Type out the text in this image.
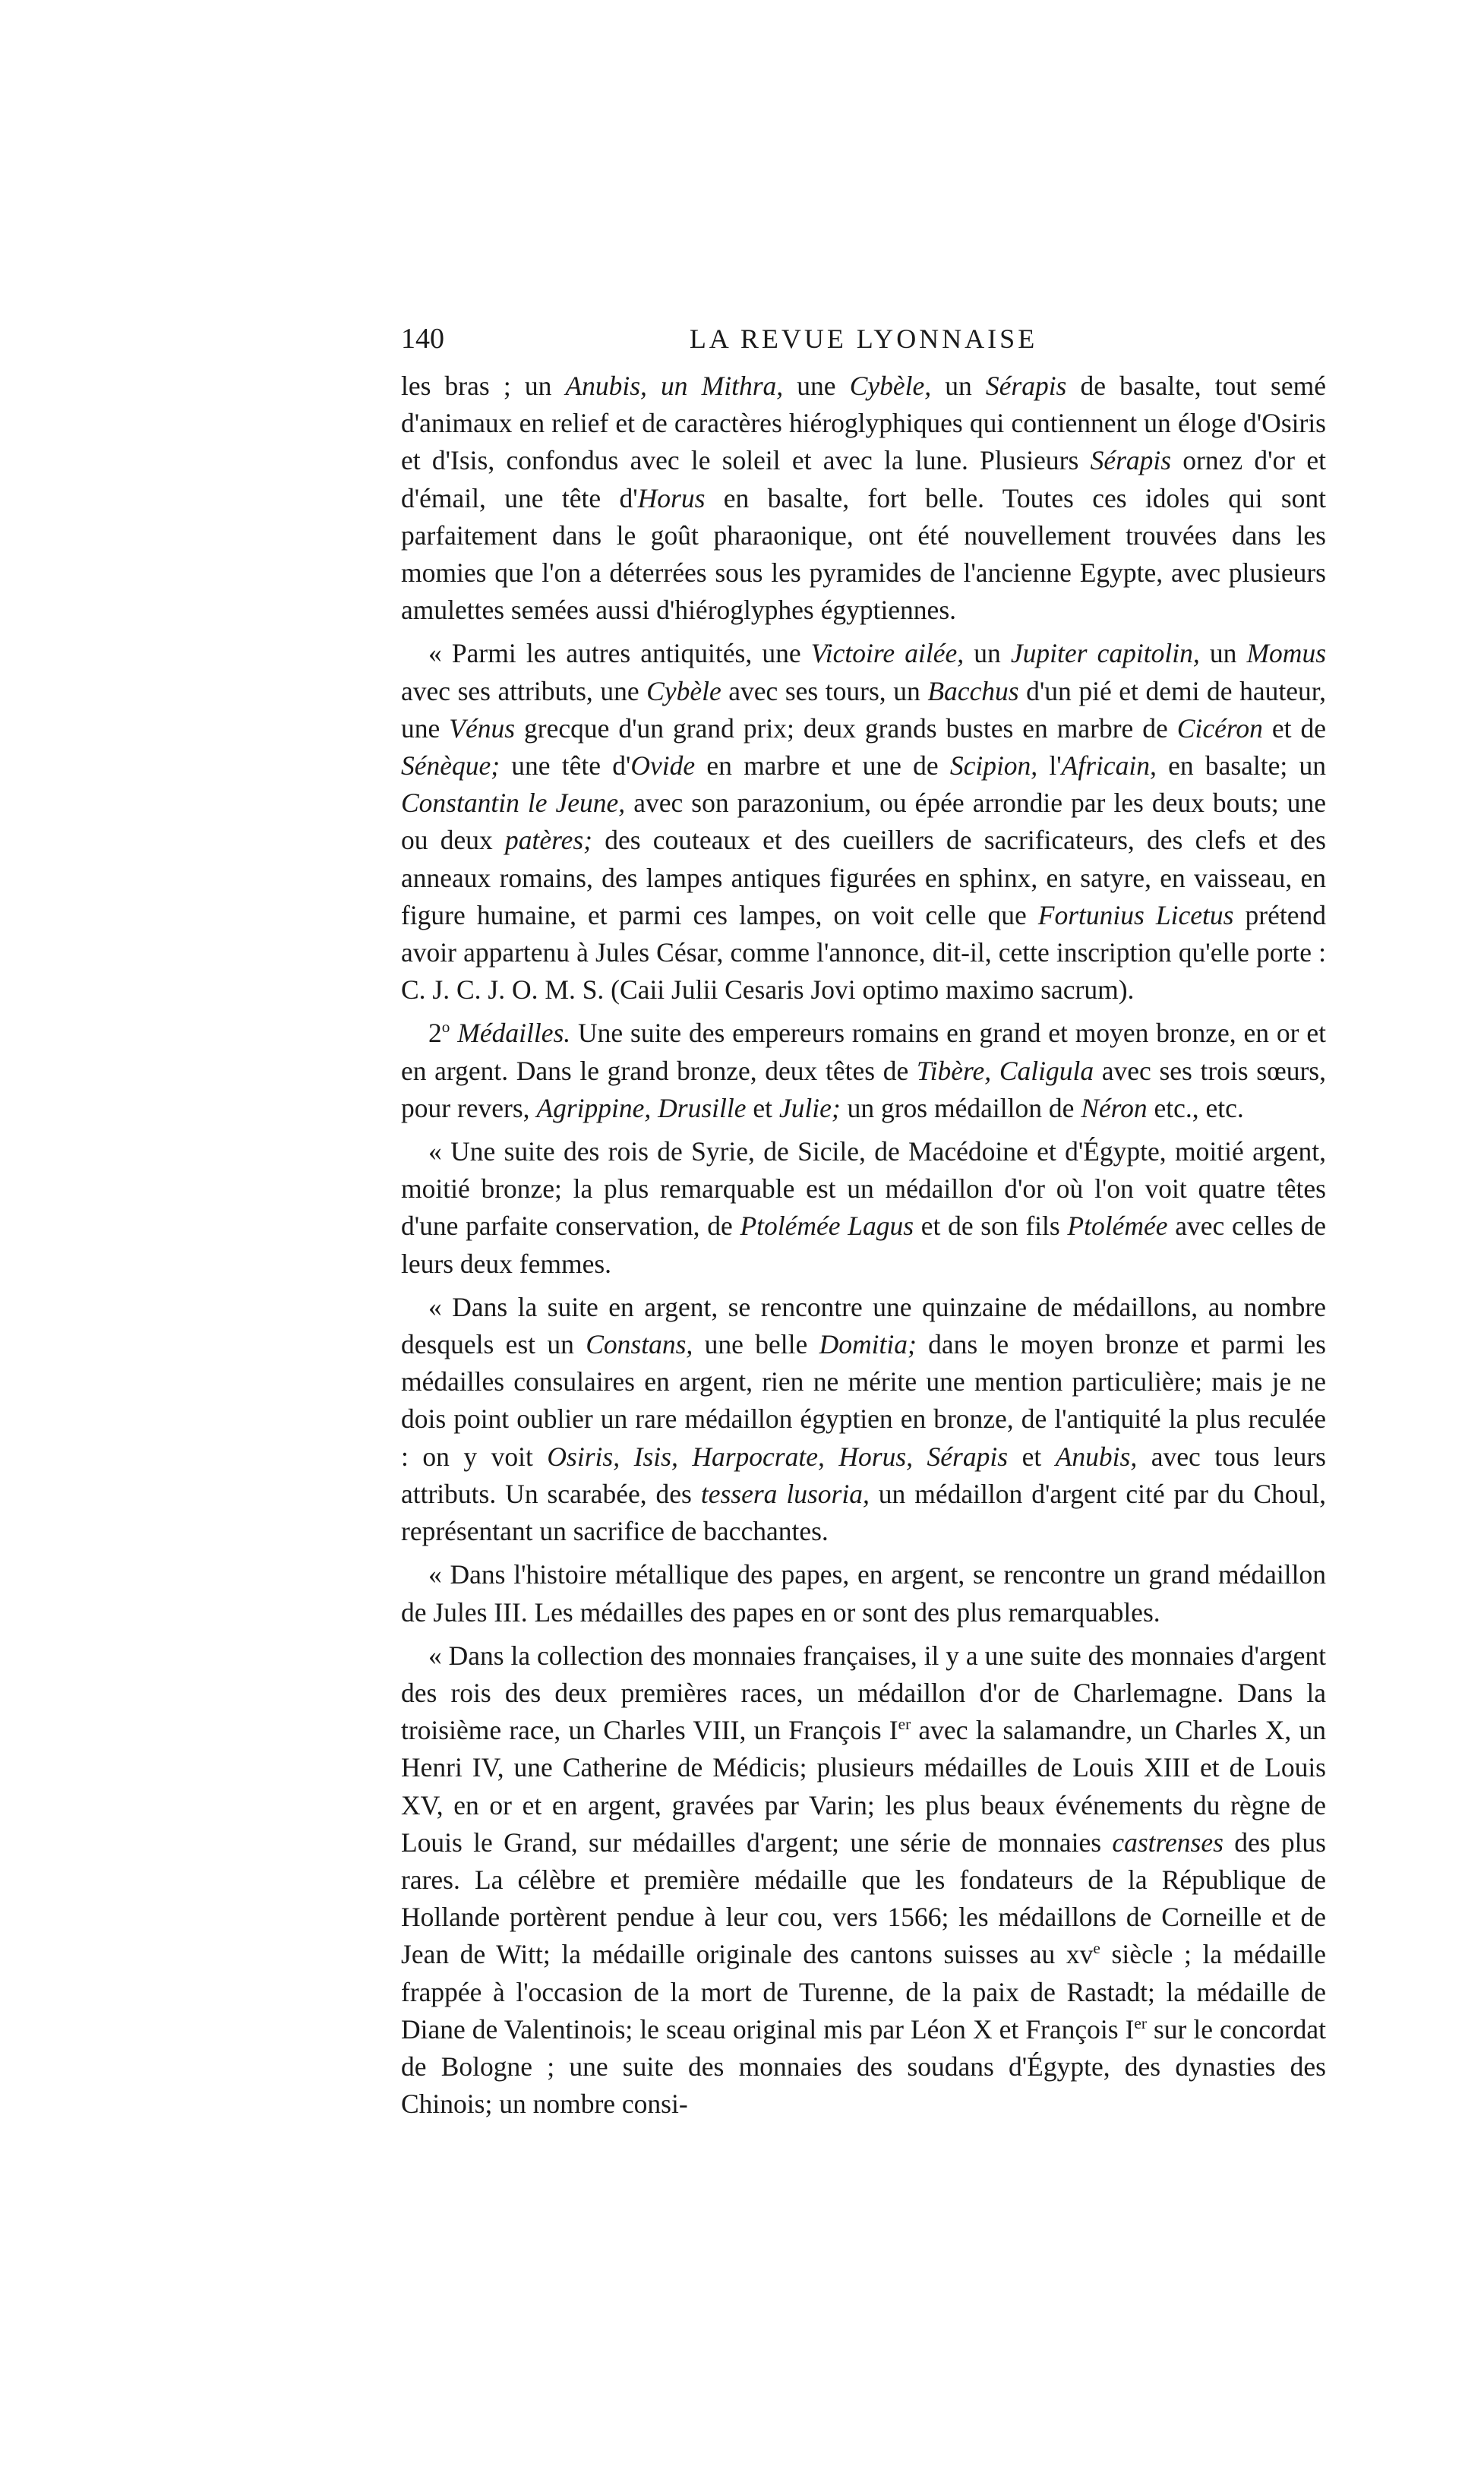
140	LA REVUE LYONNAISE

les bras ; un Anubis, un Mithra, une Cybèle, un Sérapis de basalte, tout semé d'animaux en relief et de caractères hiéroglyphiques qui contiennent un éloge d'Osiris et d'Isis, confondus avec le soleil et avec la lune. Plusieurs Sérapis ornez d'or et d'émail, une tête d'Horus en basalte, fort belle. Toutes ces idoles qui sont parfaitement dans le goût pharaonique, ont été nouvellement trouvées dans les momies que l'on a déterrées sous les pyramides de l'ancienne Egypte, avec plusieurs amulettes semées aussi d'hiéroglyphes égyptiennes.

« Parmi les autres antiquités, une Victoire ailée, un Jupiter capitolin, un Momus avec ses attributs, une Cybèle avec ses tours, un Bacchus d'un pié et demi de hauteur, une Vénus grecque d'un grand prix; deux grands bustes en marbre de Cicéron et de Sénèque; une tête d'Ovide en marbre et une de Scipion, l'Africain, en basalte; un Constantin le Jeune, avec son parazonium, ou épée arrondie par les deux bouts; une ou deux patères; des couteaux et des cueillers de sacrificateurs, des clefs et des anneaux romains, des lampes antiques figurées en sphinx, en satyre, en vaisseau, en figure humaine, et parmi ces lampes, on voit celle que Fortunius Licetus prétend avoir appartenu à Jules César, comme l'annonce, dit-il, cette inscription qu'elle porte : C. J. C. J. O. M. S. (Caii Julii Cesaris Jovi optimo maximo sacrum).

2$^o$ Médailles. Une suite des empereurs romains en grand et moyen bronze, en or et en argent. Dans le grand bronze, deux têtes de Tibère, Caligula avec ses trois sœurs, pour revers, Agrippine, Drusille et Julie; un gros médaillon de Néron etc., etc.

« Une suite des rois de Syrie, de Sicile, de Macédoine et d'Égypte, moitié argent, moitié bronze; la plus remarquable est un médaillon d'or où l'on voit quatre têtes d'une parfaite conservation, de Ptolémée Lagus et de son fils Ptolémée avec celles de leurs deux femmes.

« Dans la suite en argent, se rencontre une quinzaine de médaillons, au nombre desquels est un Constans, une belle Domitia; dans le moyen bronze et parmi les médailles consulaires en argent, rien ne mérite une mention particulière; mais je ne dois point oublier un rare médaillon égyptien en bronze, de l'antiquité la plus reculée : on y voit Osiris, Isis, Harpocrate, Horus, Sérapis et Anubis, avec tous leurs attributs. Un scarabée, des tessera lusoria, un médaillon d'argent cité par du Choul, représentant un sacrifice de bacchantes.

« Dans l'histoire métallique des papes, en argent, se rencontre un grand médaillon de Jules III. Les médailles des papes en or sont des plus remarquables.

« Dans la collection des monnaies françaises, il y a une suite des monnaies d'argent des rois des deux premières races, un médaillon d'or de Charlemagne. Dans la troisième race, un Charles VIII, un François Ier avec la salamandre, un Charles X, un Henri IV, une Catherine de Médicis; plusieurs médailles de Louis XIII et de Louis XV, en or et en argent, gravées par Varin; les plus beaux événements du règne de Louis le Grand, sur médailles d'argent; une série de monnaies castrenses des plus rares. La célèbre et première médaille que les fondateurs de la République de Hollande portèrent pendue à leur cou, vers 1566; les médaillons de Corneille et de Jean de Witt; la médaille originale des cantons suisses au $xv^e$ siècle ; la médaille frappée à l'occasion de la mort de Turenne, de la paix de Rastadt; la médaille de Diane de Valentinois; le sceau original mis par Léon X et François Ier sur le concordat de Bologne ; une suite des monnaies des soudans d'Égypte, des dynasties des Chinois; un nombre consi-
